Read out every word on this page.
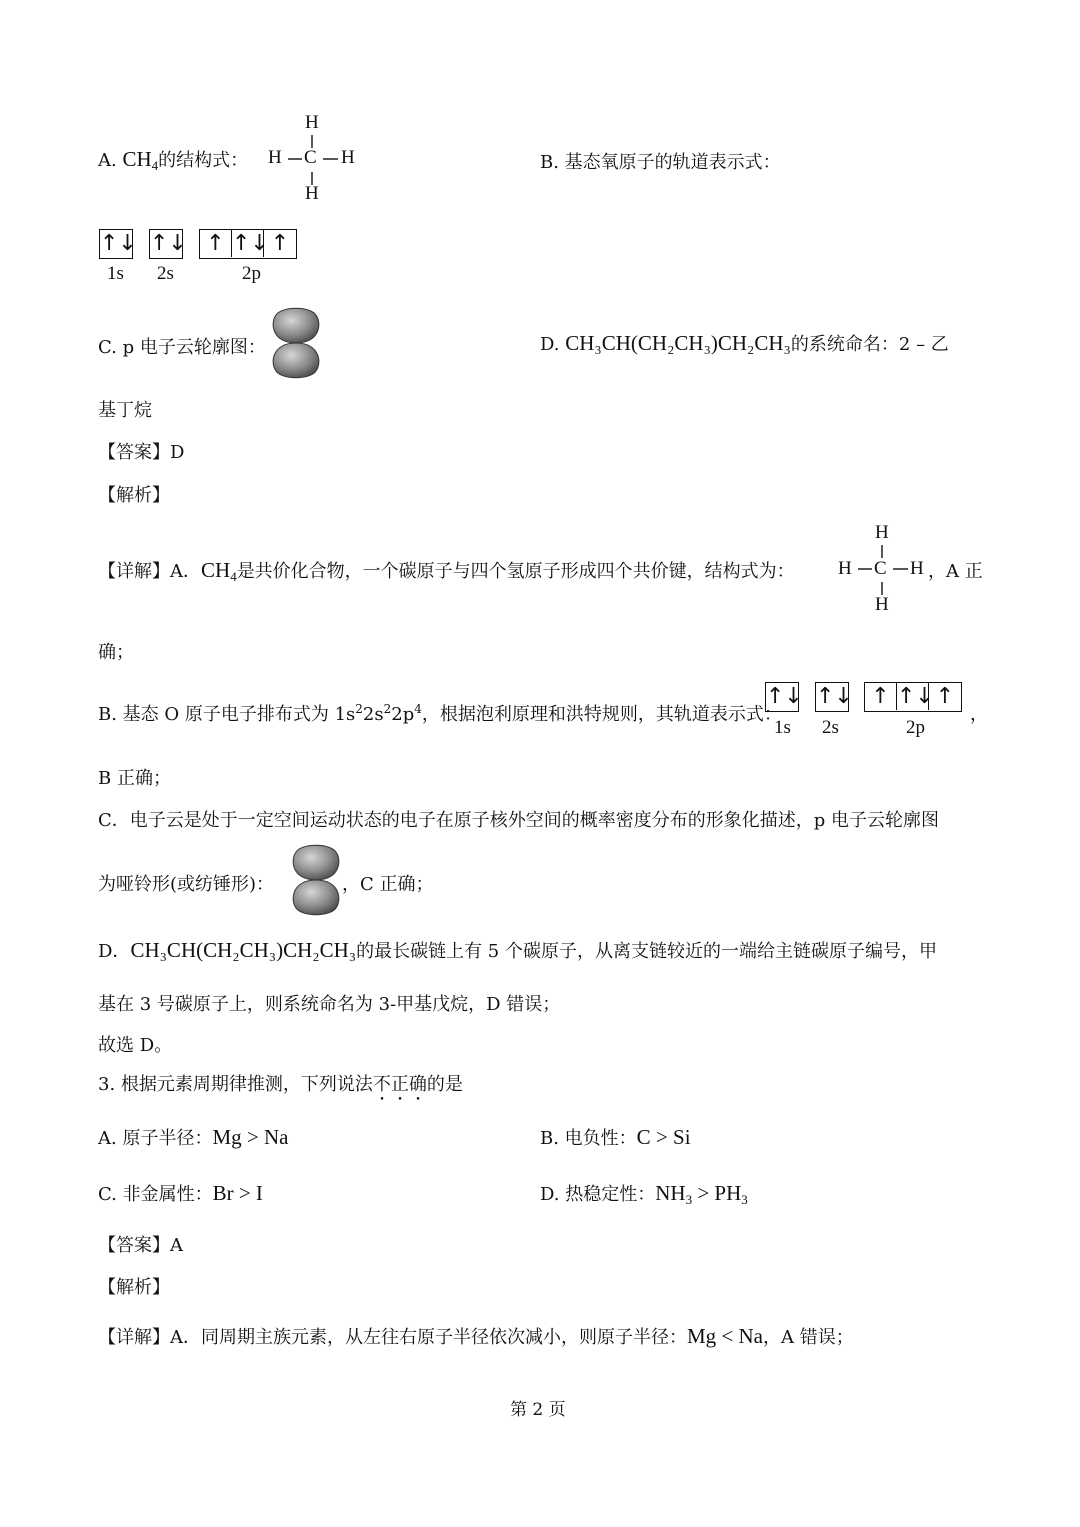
A. $CH_4$的结构式：
H
H C H
H
B. 基态氧原子的轨道表示式：
↑↓ ↑↓ ↑ ↑↓↑
1s 2s	2p
C. p 电子云轮廓图：	D. CH₃CH(CH₂CH₃)CH₂CH₃的系统命名：2 – 乙
基丁烷
【答案】D
【解析】
【详解】A．$CH_4$是共价化合物，一个碳原子与四个氢原子形成四个共价键，结构式为：
H
H C H
H
，A 正
确；
B. 基态 O 原子电子排布式为 $1s^22s^22p^4$，根据泡利原理和洪特规则，其轨道表示式：
↑↓ ↑↓ ↑ ↑↓↑
1s 2s	2p
，
B 正确；
C．电子云是处于一定空间运动状态的电子在原子核外空间的概率密度分布的形象化描述，p 电子云轮廓图
为哑铃形(或纺锤形)：	，C 正确；
D．CH₃CH(CH₂CH₃)CH₂CH₃的最长碳链上有 5 个碳原子，从离支链较近的一端给主链碳原子编号，甲
基在 3 号碳原子上，则系统命名为 3-甲基戊烷，D 错误；
故选 D。
3. 根据元素周期律推测，下列说法不正确的是
A. 原子半径：Mg > Na	B. 电负性：C > Si
C. 非金属性：Br > I	D. 热稳定性：$NH_3 > PH_3$
【答案】A
【解析】
【详解】A．同周期主族元素，从左往右原子半径依次减小，则原子半径：Mg < Na，A 错误；
第 2 页
